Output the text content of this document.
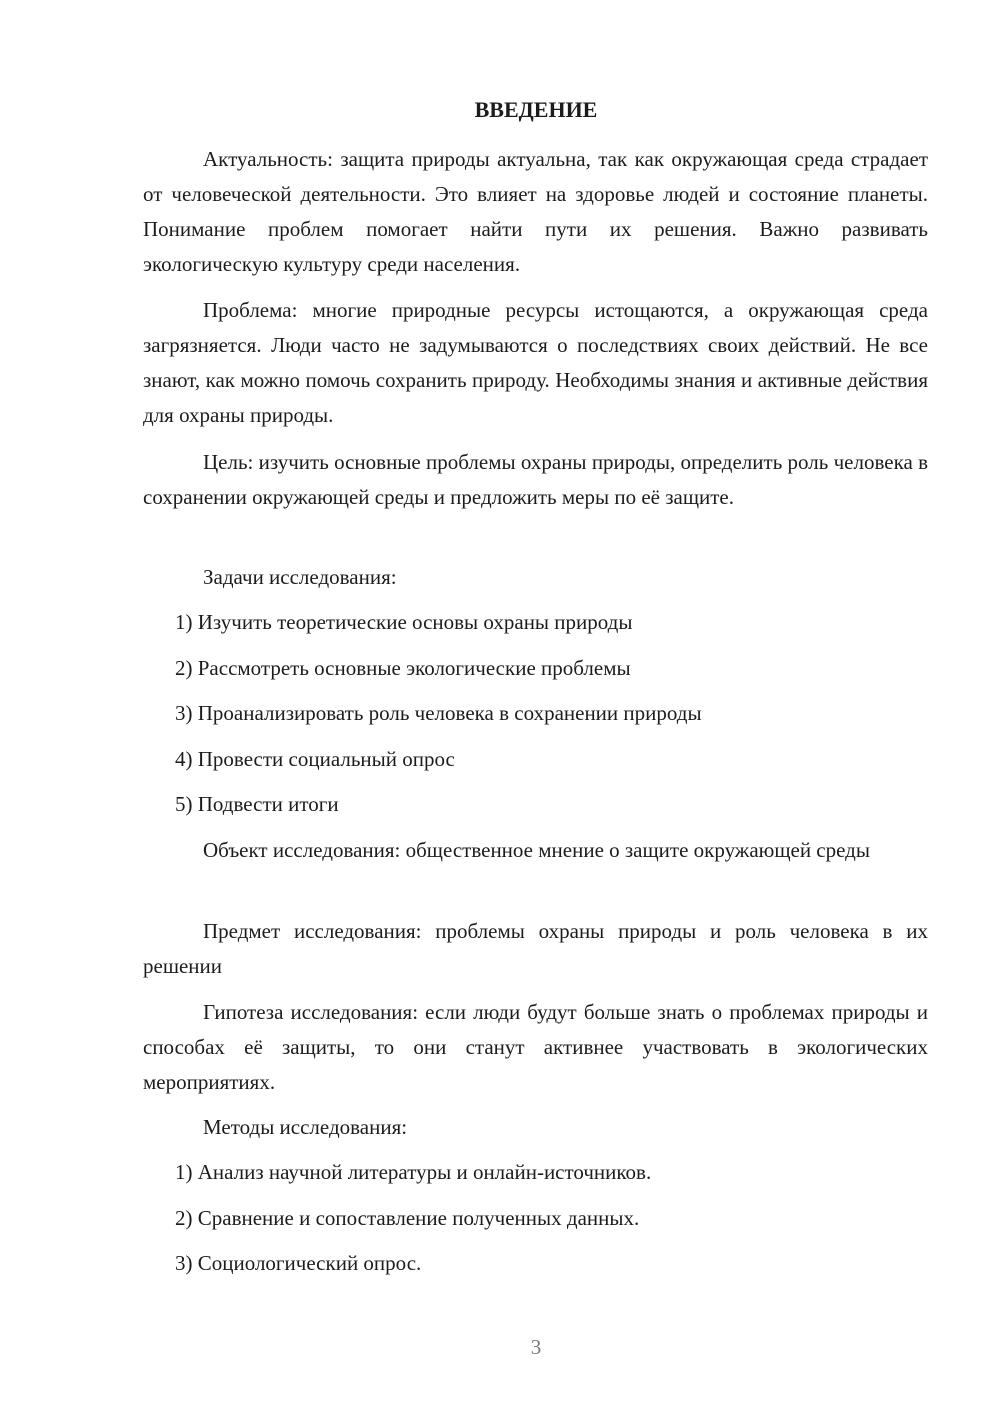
ВВЕДЕНИЕ

Актуальность: защита природы актуальна, так как окружающая среда страдает от человеческой деятельности. Это влияет на здоровье людей и состояние планеты. Понимание проблем помогает найти пути их решения. Важно развивать экологическую культуру среди населения.

Проблема: многие природные ресурсы истощаются, а окружающая среда загрязняется. Люди часто не задумываются о последствиях своих действий. Не все знают, как можно помочь сохранить природу. Необходимы знания и активные действия для охраны природы.

Цель: изучить основные проблемы охраны природы, определить роль человека в сохранении окружающей среды и предложить меры по её защите.

Задачи исследования:
1) Изучить теоретические основы охраны природы
2) Рассмотреть основные экологические проблемы
3) Проанализировать роль человека в сохранении природы
4) Провести социальный опрос
5) Подвести итоги

Объект исследования: общественное мнение о защите окружающей среды

Предмет исследования: проблемы охраны природы и роль человека в их решении

Гипотеза исследования: если люди будут больше знать о проблемах природы и способах её защиты, то они станут активнее участвовать в экологических мероприятиях.

Методы исследования:
1) Анализ научной литературы и онлайн-источников.
2) Сравнение и сопоставление полученных данных.
3) Социологический опрос.
3
